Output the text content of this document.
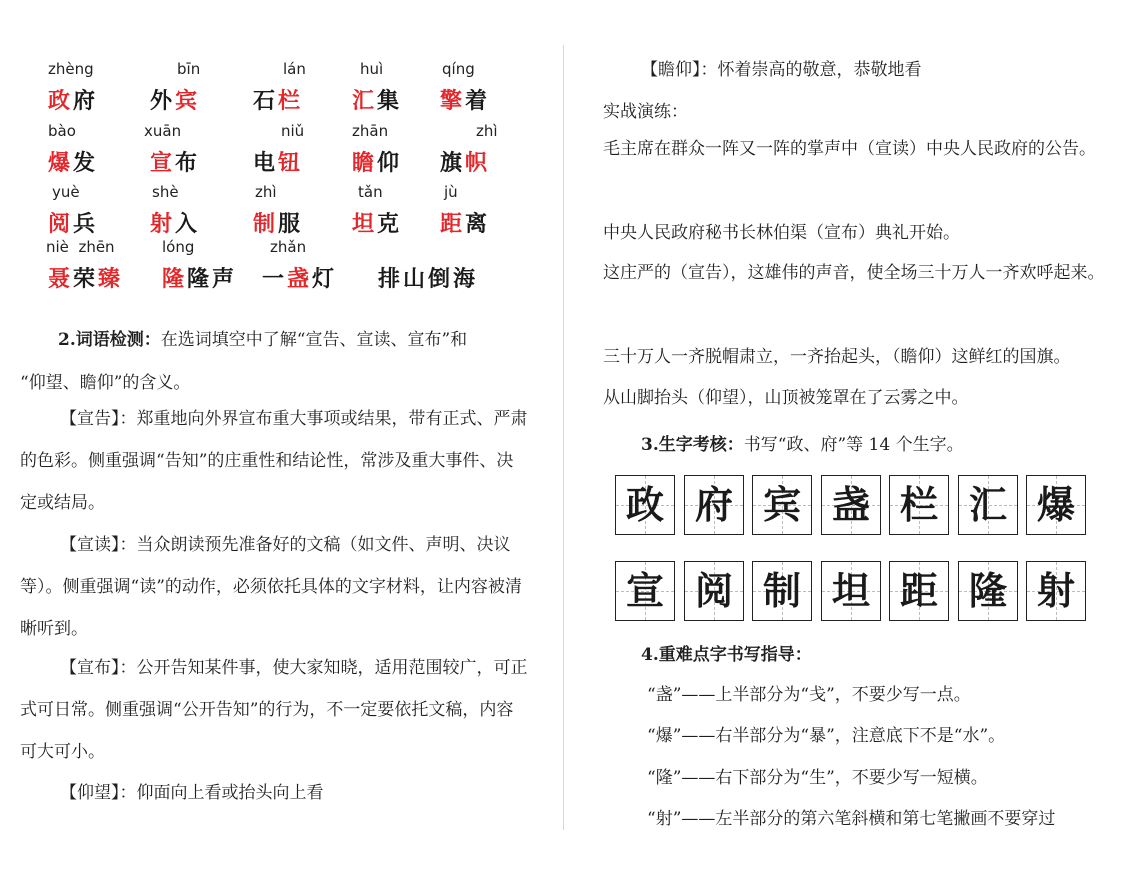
zhèng
政府
bīn
外宾
lán
石栏
huì
汇集
qíng
擎着
bào
爆发
xuān
宣布
niǔ
电钮
zhān
瞻仰
zhì
旗帜
yuè
阅兵
shè
射入
zhì
制服
tǎn
坦克
jù
距离
niè  zhēn
聂荣臻
lóng
隆隆声
zhǎn
一盏灯 排山倒海
2.词语检测：在选词填空中了解“宣告、宣读、宣布”和
“仰望、瞻仰”的含义。
【宣告】：郑重地向外界宣布重大事项或结果，带有正式、严肃的色彩。侧重强调“告知”的庄重性和结论性，常涉及重大事件、决定或结局。
【宣读】：当众朗读预先准备好的文稿（如文件、声明、决议等）。侧重强调“读”的动作，必须依托具体的文字材料，让内容被清晰听到。
【宣布】：公开告知某件事，使大家知晓，适用范围较广，可正式可日常。侧重强调“公开告知”的行为，不一定要依托文稿，内容可大可小。
【仰望】：仰面向上看或抬头向上看
【瞻仰】：怀着崇高的敬意，恭敬地看
实战演练：
毛主席在群众一阵又一阵的掌声中（宣读）中央人民政府的公告。
中央人民政府秘书长林伯渠（宣布）典礼开始。
这庄严的（宣告），这雄伟的声音，使全场三十万人一齐欢呼起来。
三十万人一齐脱帽肃立，一齐抬起头，（瞻仰）这鲜红的国旗。
从山脚抬头（仰望），山顶被笼罩在了云雾之中。
3.生字考核：书写“政、府”等 14 个生字。
4.重难点字书写指导：
“盏”——上半部分为“戋”，不要少写一点。
“爆”——右半部分为“暴”，注意底下不是“水”。
“隆”——右下部分为“生”，不要少写一短横。
“射”——左半部分的第六笔斜横和第七笔撇画不要穿过
政 府 宾 盏 栏 汇 爆
宣 阅 制 坦 距 隆 射
